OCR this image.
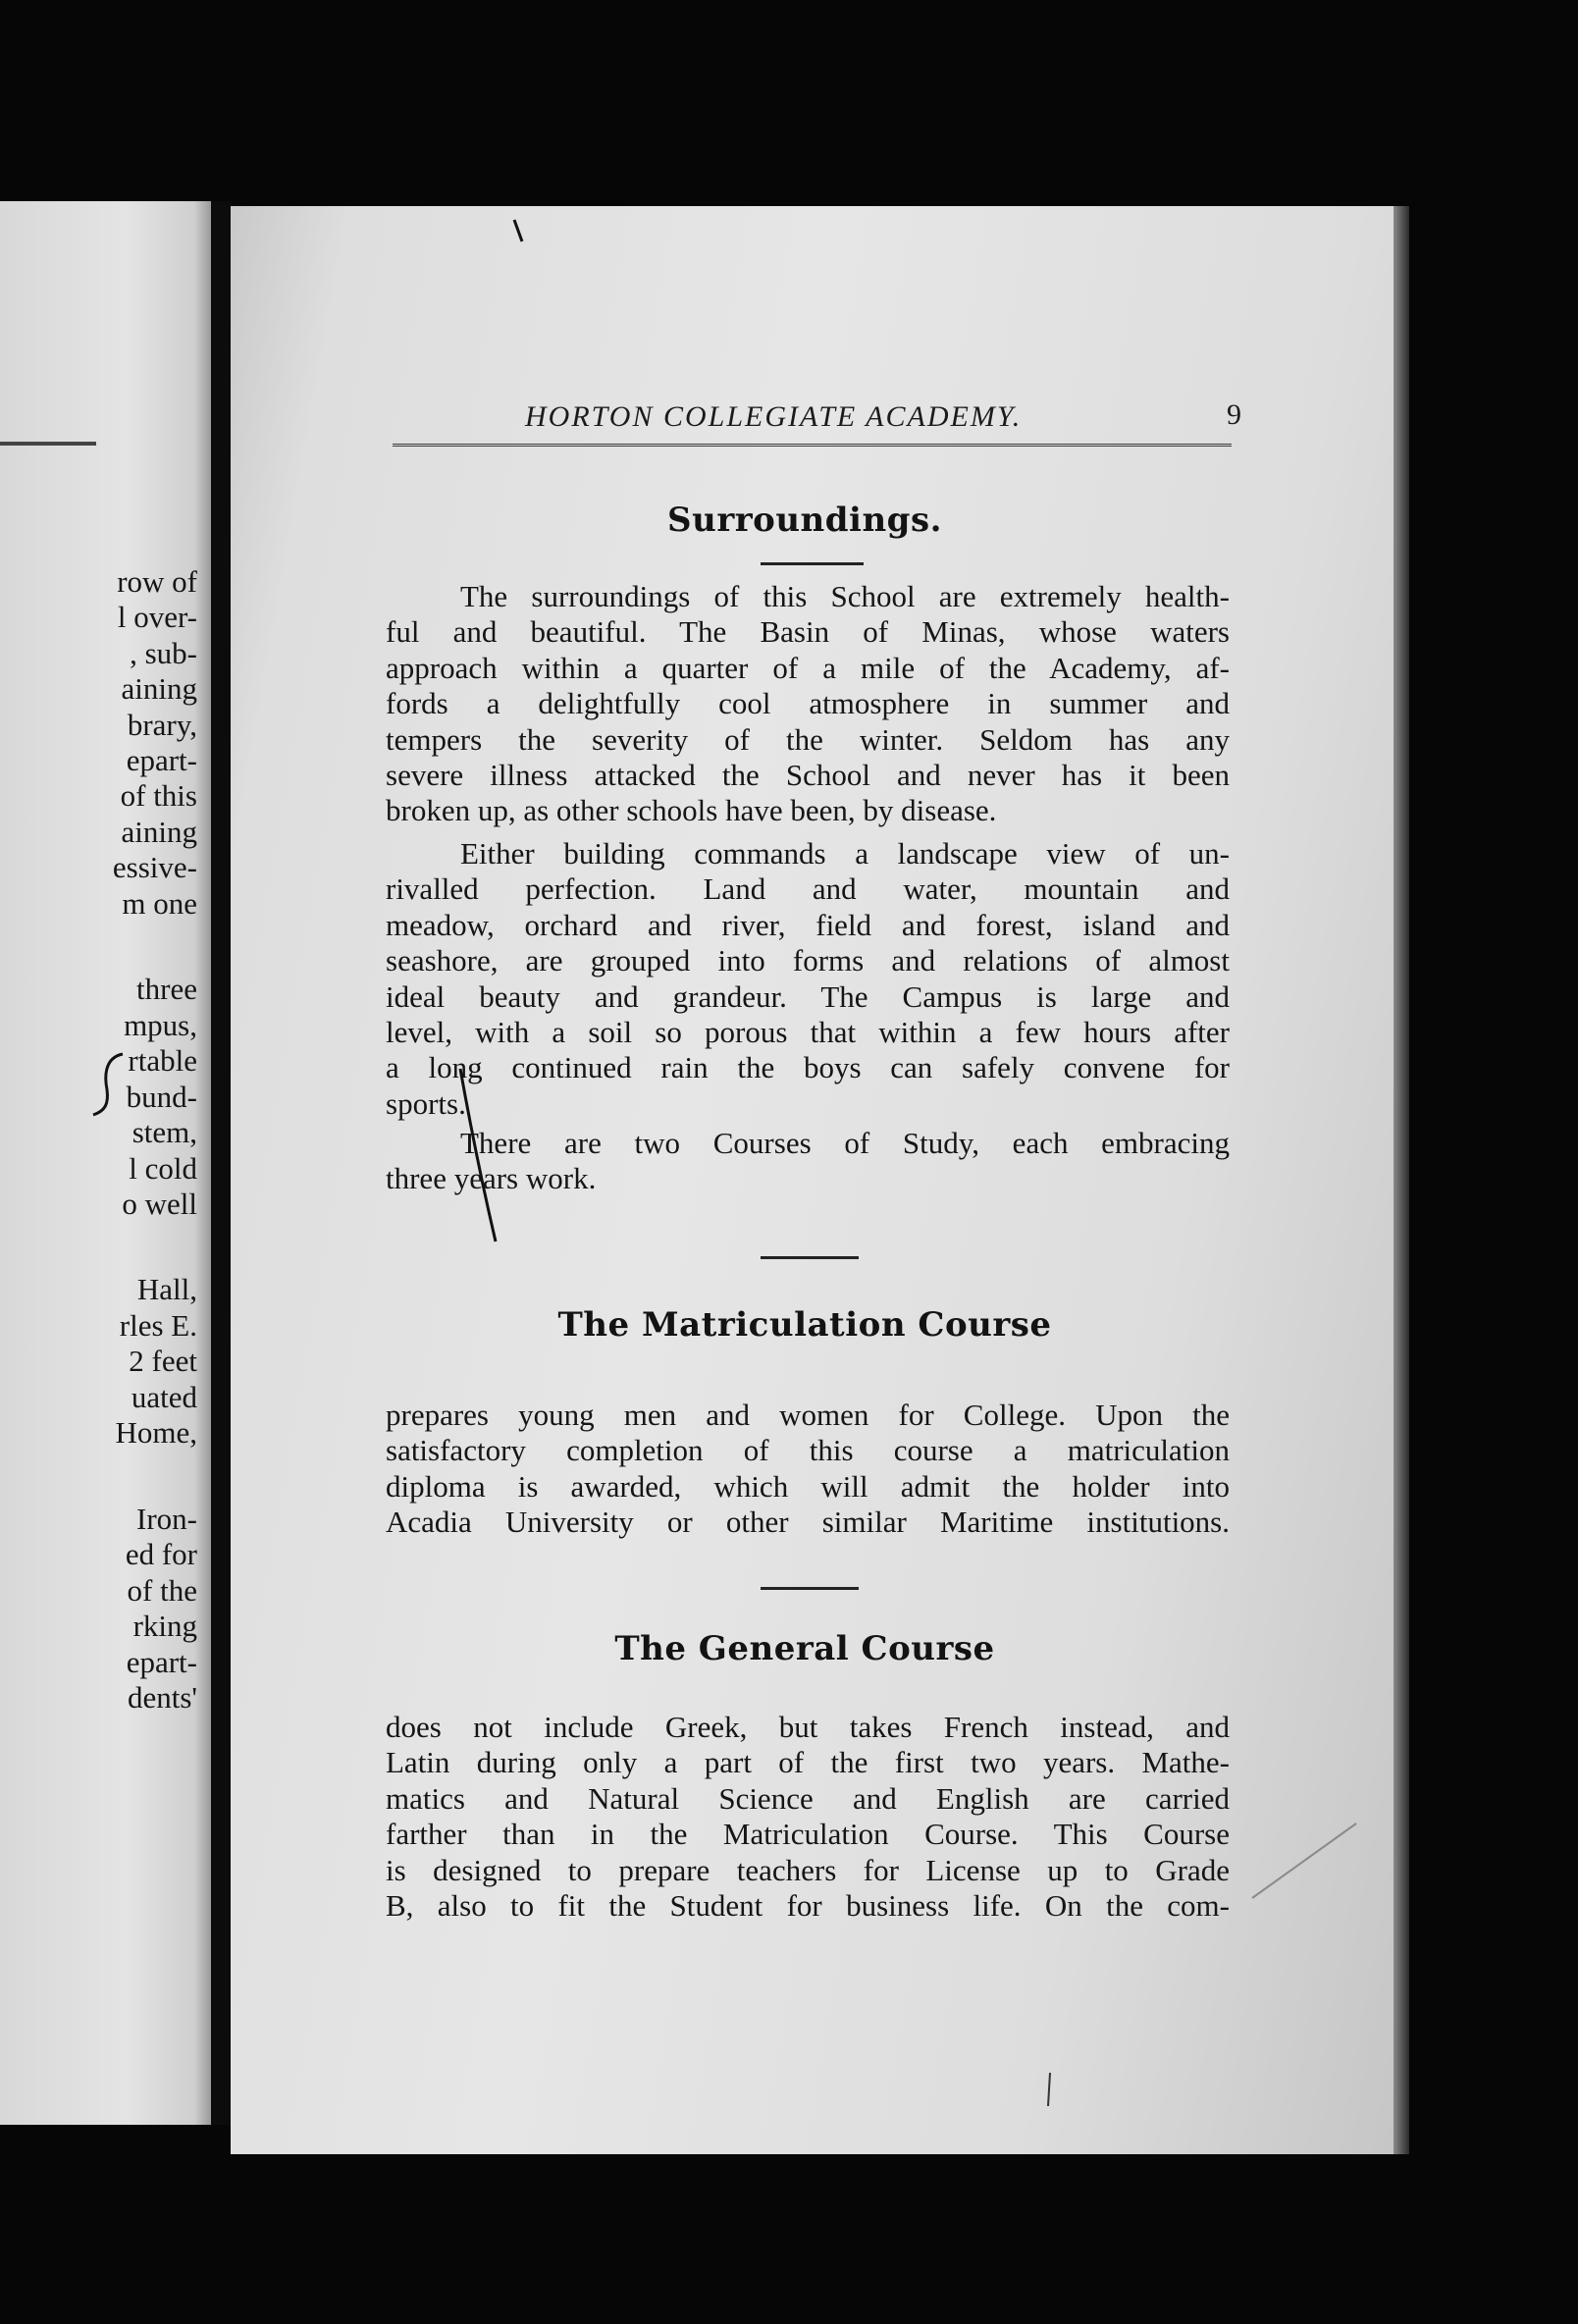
row of
l over-
, sub-
aining
brary,
epart-
of this
aining
essive-
m one
three
mpus,
rtable
bund-
stem,
l cold
o well
Hall,
rles E.
2 feet
uated
Home,
Iron-
ed for
of the
rking
epart-
dents'
HORTON COLLEGIATE ACADEMY.	9
Surroundings.
The surroundings of this School are extremely health-
ful and beautiful. The Basin of Minas, whose waters
approach within a quarter of a mile of the Academy, af-
fords a delightfully cool atmosphere in summer and
tempers the severity of the winter. Seldom has any
severe illness attacked the School and never has it been
broken up, as other schools have been, by disease.
Either building commands a landscape view of un-
rivalled perfection. Land and water, mountain and
meadow, orchard and river, field and forest, island and
seashore, are grouped into forms and relations of almost
ideal beauty and grandeur. The Campus is large and
level, with a soil so porous that within a few hours after
a long continued rain the boys can safely convene for
sports.
There are two Courses of Study, each embracing
three years work.
The Matriculation Course
prepares young men and women for College. Upon the
satisfactory completion of this course a matriculation
diploma is awarded, which will admit the holder into
Acadia University or other similar Maritime institutions.
The General Course
does not include Greek, but takes French instead, and
Latin during only a part of the first two years. Mathe-
matics and Natural Science and English are carried
farther than in the Matriculation Course. This Course
is designed to prepare teachers for License up to Grade
B, also to fit the Student for business life. On the com-
